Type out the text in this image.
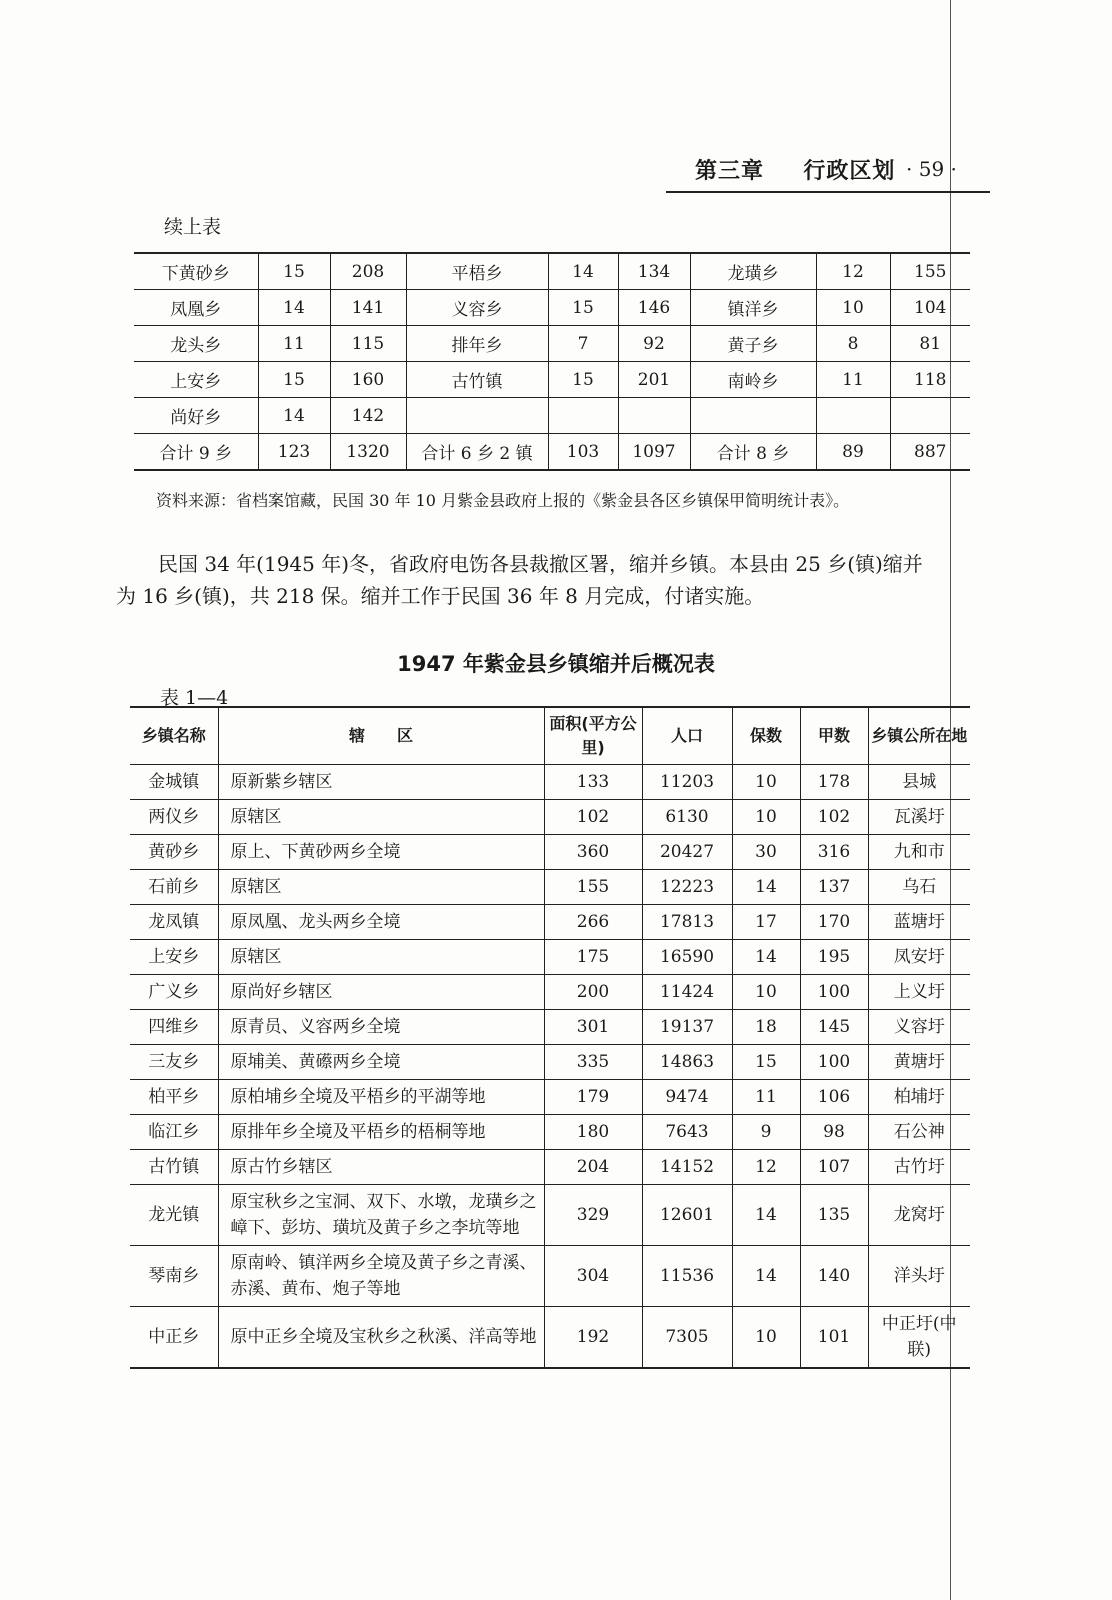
第三章 行政区划 · 59 ·
续上表
下黄砂乡	15	208	平梧乡	14	134	龙璜乡	12	155
凤凰乡	14	141	义容乡	15	146	镇洋乡	10	104
龙头乡	11	115	排年乡	7	92	黄子乡	8	81
上安乡	15	160	古竹镇	15	201	南岭乡	11	118
尚好乡	14	142						
合计 9 乡	123	1320	合计 6 乡 2 镇	103	1097	合计 8 乡	89	887
资料来源：省档案馆藏，民国 30 年 10 月紫金县政府上报的《紫金县各区乡镇保甲简明统计表》。

民国 34 年(1945 年)冬，省政府电饬各县裁撤区署，缩并乡镇。本县由 25 乡(镇)缩并

为 16 乡(镇)，共 218 保。缩并工作于民国 36 年 8 月完成，付诸实施。

1947 年紫金县乡镇缩并后概况表
表 1—4
乡镇名称	辖　　区	面积(平方公里)	人口	保数	甲数	乡镇公所在地
金城镇	原新紫乡辖区	133	11203	10	178	县城
两仪乡	原辖区	102	6130	10	102	瓦溪圩
黄砂乡	原上、下黄砂两乡全境	360	20427	30	316	九和市
石前乡	原辖区	155	12223	14	137	乌石
龙凤镇	原凤凰、龙头两乡全境	266	17813	17	170	蓝塘圩
上安乡	原辖区	175	16590	14	195	凤安圩
广义乡	原尚好乡辖区	200	11424	10	100	上义圩
四维乡	原青员、义容两乡全境	301	19137	18	145	义容圩
三友乡	原埔美、黄礤两乡全境	335	14863	15	100	黄塘圩
柏平乡	原柏埔乡全境及平梧乡的平湖等地	179	9474	11	106	柏埔圩
临江乡	原排年乡全境及平梧乡的梧桐等地	180	7643	9	98	石公神
古竹镇	原古竹乡辖区	204	14152	12	107	古竹圩
龙光镇	原宝秋乡之宝洞、双下、水墩，龙璜乡之嶂下、彭坊、璜坑及黄子乡之李坑等地	329	12601	14	135	龙窝圩
琴南乡	原南岭、镇洋两乡全境及黄子乡之青溪、赤溪、黄布、炮子等地	304	11536	14	140	洋头圩
中正乡	原中正乡全境及宝秋乡之秋溪、洋高等地	192	7305	10	101	中正圩(中联)
